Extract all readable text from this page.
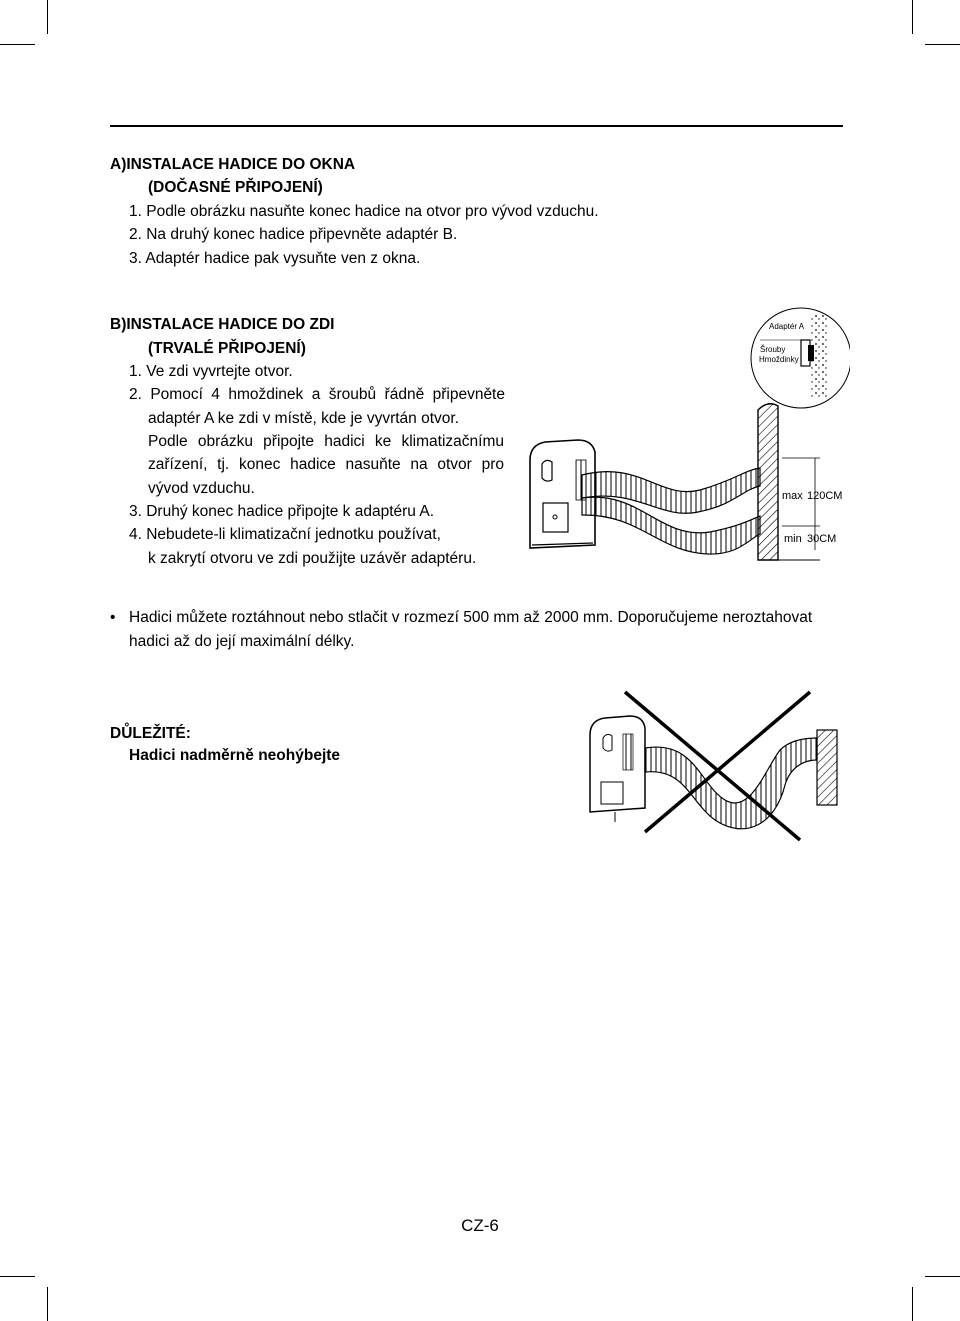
A)INSTALACE HADICE DO OKNA
(DOČASNÉ PŘIPOJENÍ)
1. Podle obrázku nasuňte konec hadice na otvor pro vývod vzduchu.
2. Na druhý konec hadice připevněte adaptér B.
3. Adaptér hadice pak vysuňte ven z okna.
B)INSTALACE HADICE DO ZDI
(TRVALÉ PŘIPOJENÍ)
1. Ve zdi vyvrtejte otvor.
2. Pomocí 4 hmoždinek a šroubů řádně připevněte
adaptér A ke zdi v místě, kde je vyvrtán otvor.
Podle obrázku připojte hadici ke klimatizačnímu
zařízení, tj. konec hadice nasuňte na otvor pro
vývod vzduchu.
3. Druhý konec hadice připojte k adaptéru A.
4. Nebudete-li klimatizační jednotku používat,
k zakrytí otvoru ve zdi použijte uzávěr adaptéru.
max 120CM
min 30CM
Adaptér A
Šrouby
Hmoždinky
• Hadici můžete roztáhnout nebo stlačit v rozmezí 500 mm až 2000 mm. Doporučujeme neroztahovat hadici až do její maximální délky.
DŮLEŽITÉ:
Hadici nadměrně neohýbejte
CZ-6
